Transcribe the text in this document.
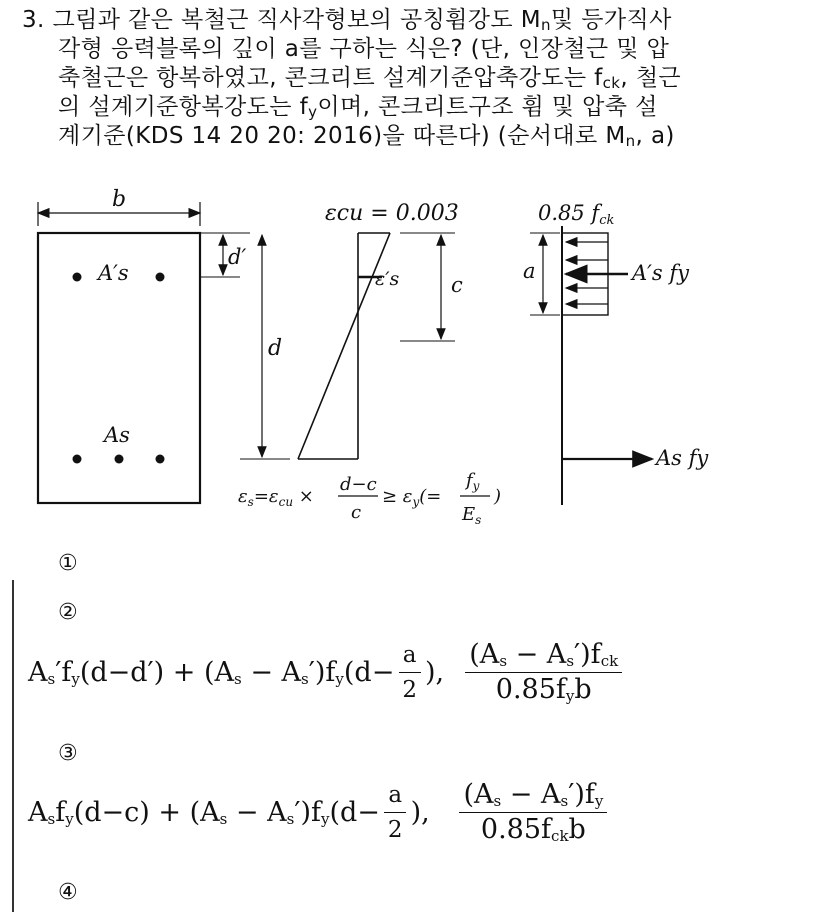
3. 그림과 같은 복철근 직사각형보의 공칭휨강도 $M_n$및 등가직사
각형 응력블록의 깊이 a를 구하는 식은? (단, 인장철근 및 압
축철근은 항복하였고, 콘크리트 설계기준압축강도는 $f_{ck}$, 철근
의 설계기준항복강도는 $f_y$이며, 콘크리트구조 휨 및 압축 설
계기준(KDS 14 20 20: 2016)을 따른다) (순서대로 $M_n$, a)
b
A′s
As
d′
d
εcu = 0.003
ε′s c
$\varepsilon_s=\varepsilon_{cu}$ ×
d−c
c
≥ $\varepsilon_y(=$
$f_y$
$E_s$
)
0.85 fck
A′s fy
a
As fy
①
②
$A_s'f_y(d-d') + (A_s - A_s')f_y(d- \frac{a}{2}$ ), $\frac{(A_s - A_s')f_{ck}}{0.85f_yb}$
③
$A_sf_y(d-c) + (A_s - A_s')f_y(d- \frac{a}{2}$ ), $\frac{(A_s - A_s')f_y}{0.85f_{ck}b}$
④
